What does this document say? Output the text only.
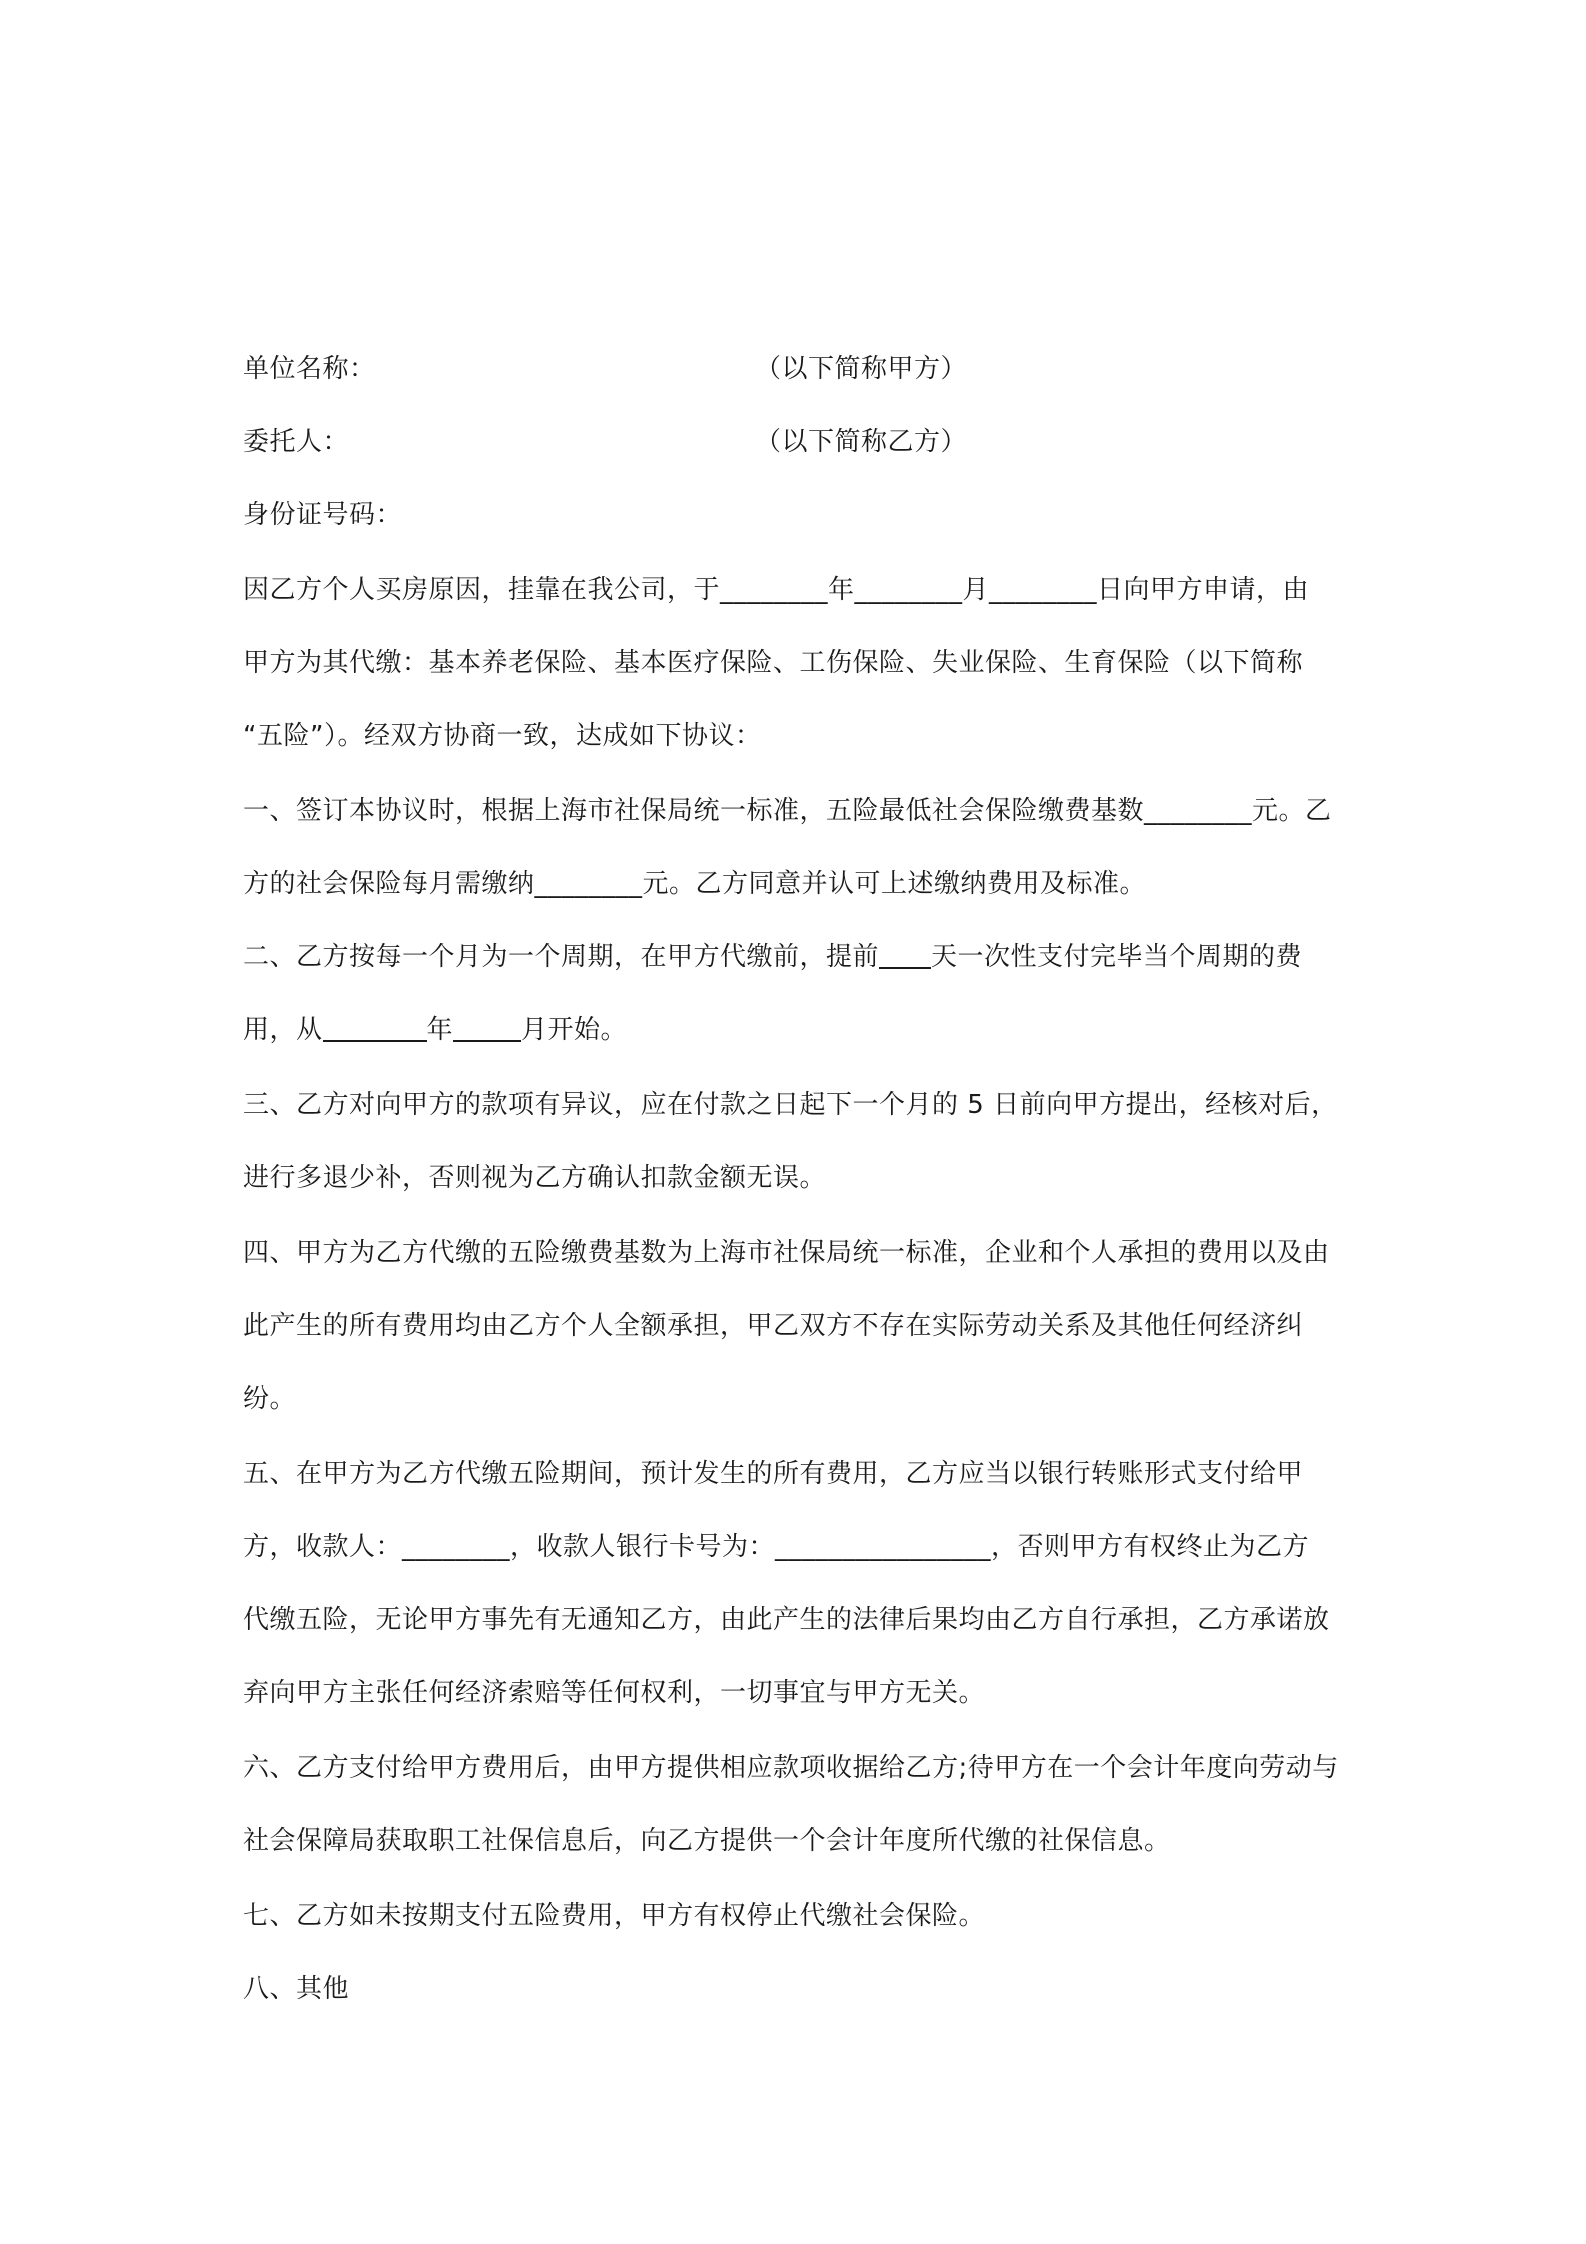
单位名称：	（以下简称甲方）
委托人：	（以下简称乙方）
身份证号码：
因乙方个人买房原因，挂靠在我公司，于________年________月________日向甲方申请，由
甲方为其代缴：基本养老保险、基本医疗保险、工伤保险、失业保险、生育保险（以下简称
“五险”）。经双方协商一致，达成如下协议：
一、签订本协议时，根据上海市社保局统一标准，五险最低社会保险缴费基数________元。乙
方的社会保险每月需缴纳________元。乙方同意并认可上述缴纳费用及标准。
二、乙方按每一个月为一个周期，在甲方代缴前，提前 天一次性支付完毕当个周期的费
用，从	年	月开始。
三、乙方对向甲方的款项有异议，应在付款之日起下一个月的 5 日前向甲方提出，经核对后，
进行多退少补，否则视为乙方确认扣款金额无误。
四、甲方为乙方代缴的五险缴费基数为上海市社保局统一标准，企业和个人承担的费用以及由
此产生的所有费用均由乙方个人全额承担，甲乙双方不存在实际劳动关系及其他任何经济纠
纷。
五、在甲方为乙方代缴五险期间，预计发生的所有费用，乙方应当以银行转账形式支付给甲
方，收款人：________，收款人银行卡号为：________________，否则甲方有权终止为乙方
代缴五险，无论甲方事先有无通知乙方，由此产生的法律后果均由乙方自行承担，乙方承诺放
弃向甲方主张任何经济索赔等任何权利，一切事宜与甲方无关。
六、乙方支付给甲方费用后，由甲方提供相应款项收据给乙方;待甲方在一个会计年度向劳动与
社会保障局获取职工社保信息后，向乙方提供一个会计年度所代缴的社保信息。
七、乙方如未按期支付五险费用，甲方有权停止代缴社会保险。
八、其他
